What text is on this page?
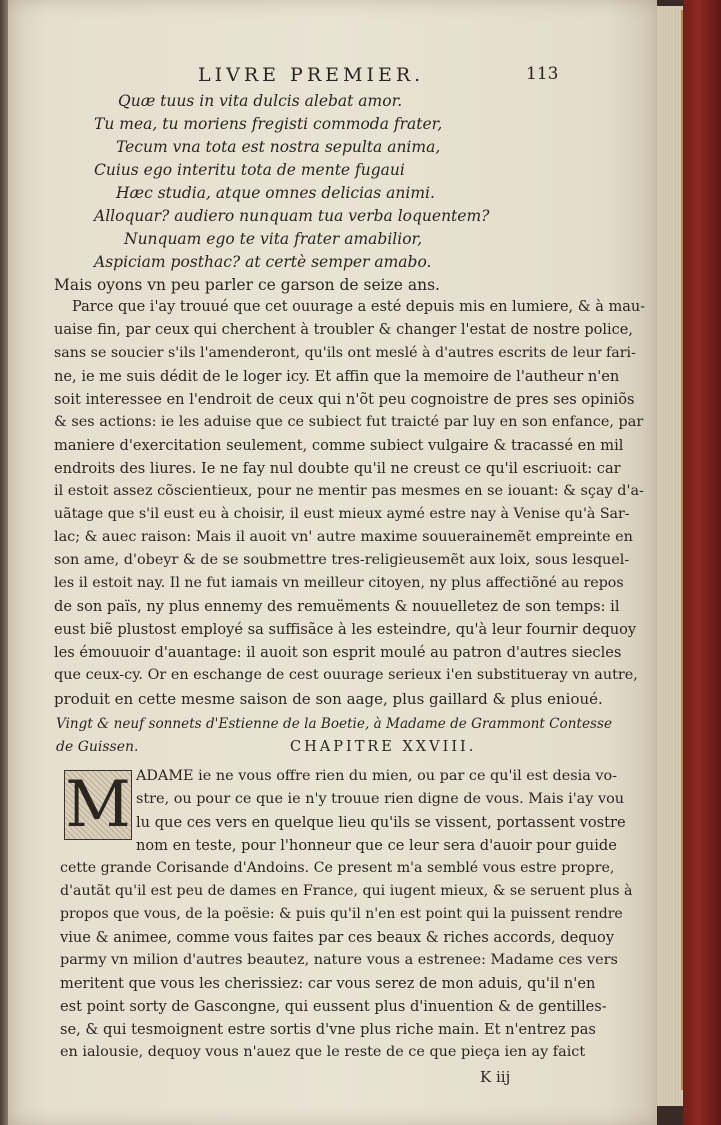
LIVRE PREMIER.	113
Quæ tuus in vita dulcis alebat amor.
Tu mea, tu moriens fregisti commoda frater,
Tecum vna tota est nostra sepulta anima,
Cuius ego interitu tota de mente fugaui
Hæc studia, atque omnes delicias animi.
Alloquar? audiero nunquam tua verba loquentem?
Nunquam ego te vita frater amabilior,
Aspiciam posthac? at certè semper amabo.
Mais oyons vn peu parler ce garson de seize ans.
Parce que i'ay trouué que cet ouurage a esté depuis mis en lumiere, & à mau-
uaise fin, par ceux qui cherchent à troubler & changer l'estat de nostre police,
sans se soucier s'ils l'amenderont, qu'ils ont meslé à d'autres escrits de leur fari-
ne, ie me suis dédit de le loger icy. Et affin que la memoire de l'autheur n'en
soit interessee en l'endroit de ceux qui n'õt peu cognoistre de pres ses opiniõs
& ses actions: ie les aduise que ce subiect fut traicté par luy en son enfance, par
maniere d'exercitation seulement, comme subiect vulgaire & tracassé en mil
endroits des liures. Ie ne fay nul doubte qu'il ne creust ce qu'il escriuoit: car
il estoit assez cõscientieux, pour ne mentir pas mesmes en se iouant: & sçay d'a-
uãtage que s'il eust eu à choisir, il eust mieux aymé estre nay à Venise qu'à Sar-
lac; & auec raison: Mais il auoit vn' autre maxime souuerainemẽt empreinte en
son ame, d'obeyr & de se soubmettre tres-religieusemẽt aux loix, sous lesquel-
les il estoit nay. Il ne fut iamais vn meilleur citoyen, ny plus affectiõné au repos
de son païs, ny plus ennemy des remuëments & nouuelletez de son temps: il
eust biẽ plustost employé sa suffisãce à les esteindre, qu'à leur fournir dequoy
les émouuoir d'auantage: il auoit son esprit moulé au patron d'autres siecles
que ceux-cy. Or en eschange de cest ouurage serieux i'en substitueray vn autre,
produit en cette mesme saison de son aage, plus gaillard & plus enioué.
Vingt & neuf sonnets d'Estienne de la Boetie, à Madame de Grammont Contesse
de Guissen.	CHAPITRE XXVIII.
M ADAME ie ne vous offre rien du mien, ou par ce qu'il est desia vo-
stre, ou pour ce que ie n'y trouue rien digne de vous. Mais i'ay vou
lu que ces vers en quelque lieu qu'ils se vissent, portassent vostre
nom en teste, pour l'honneur que ce leur sera d'auoir pour guide
cette grande Corisande d'Andoins. Ce present m'a semblé vous estre propre,
d'autãt qu'il est peu de dames en France, qui iugent mieux, & se seruent plus à
propos que vous, de la poësie: & puis qu'il n'en est point qui la puissent rendre
viue & animee, comme vous faites par ces beaux & riches accords, dequoy
parmy vn milion d'autres beautez, nature vous a estrenee: Madame ces vers
meritent que vous les cherissiez: car vous serez de mon aduis, qu'il n'en
est point sorty de Gascongne, qui eussent plus d'inuention & de gentilles-
se, & qui tesmoignent estre sortis d'vne plus riche main. Et n'entrez pas
en ialousie, dequoy vous n'auez que le reste de ce que pieça ien ay faict
K iij
